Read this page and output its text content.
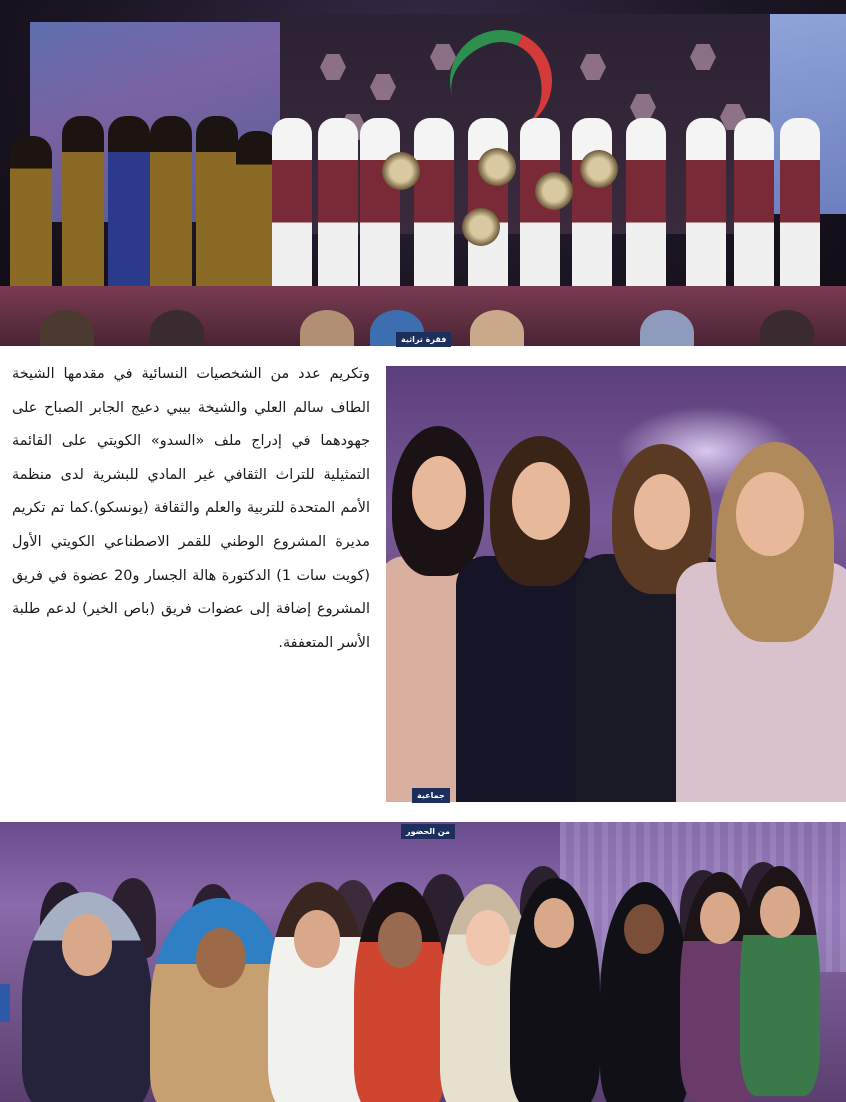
فقرة تراثية

وتكريم عدد من الشخصيات النسائية في مقدمها الشيخة الطاف سالم العلي والشيخة بيبي دعيج الجابر الصباح على جهودهما في إدراج ملف «السدو» الكويتي على القائمة التمثيلية للتراث الثقافي غير المادي للبشرية لدى منظمة الأمم المتحدة للتربية والعلم والثقافة (يونسكو).كما تم تكريم مديرة المشروع الوطني للقمر الاصطناعي الكويتي الأول (كويت سات 1) الدكتورة هالة الجسار و20 عضوة في فريق المشروع إضافة إلى عضوات فريق (باص الخير) لدعم طلبة الأسر المتعففة.

جماعية
من الحضور
